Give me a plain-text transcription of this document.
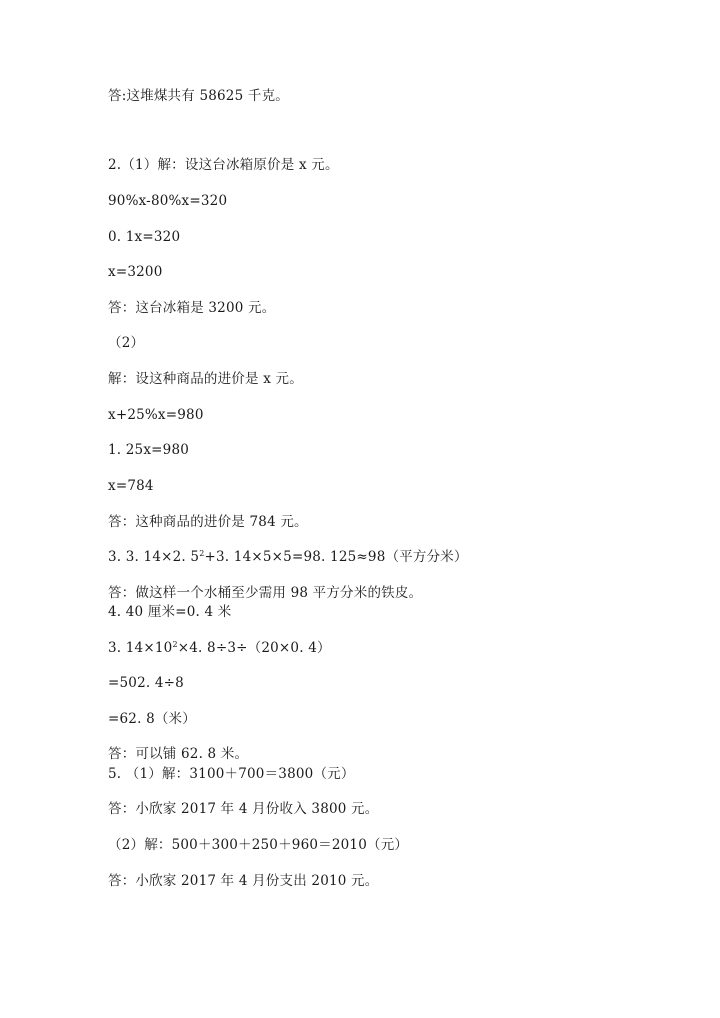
答:这堆煤共有 58625 千克。
2.（1）解：设这台冰箱原价是 x 元。
90%x-80%x=320
0. 1x=320
x=3200
答：这台冰箱是 3200 元。
（2）
解：设这种商品的进价是 x 元。
x+25%x=980
1. 25x=980
x=784
答：这种商品的进价是 784 元。
3. 3. 14×2. $5^2+3$. 14×5×5=98. 125≈98（平方分米）
答：做这样一个水桶至少需用 98 平方分米的铁皮。
4. 40 厘米=0. 4 米
3. $14\times 10^2\times 4$. 8÷3÷（20×0. 4）
=502. 4÷8
=62. 8（米）
答：可以铺 62. 8 米。
5. （1）解：3100＋700＝3800（元）
答：小欣家 2017 年 4 月份收入 3800 元。
（2）解：500＋300＋250＋960＝2010（元）
答：小欣家 2017 年 4 月份支出 2010 元。
